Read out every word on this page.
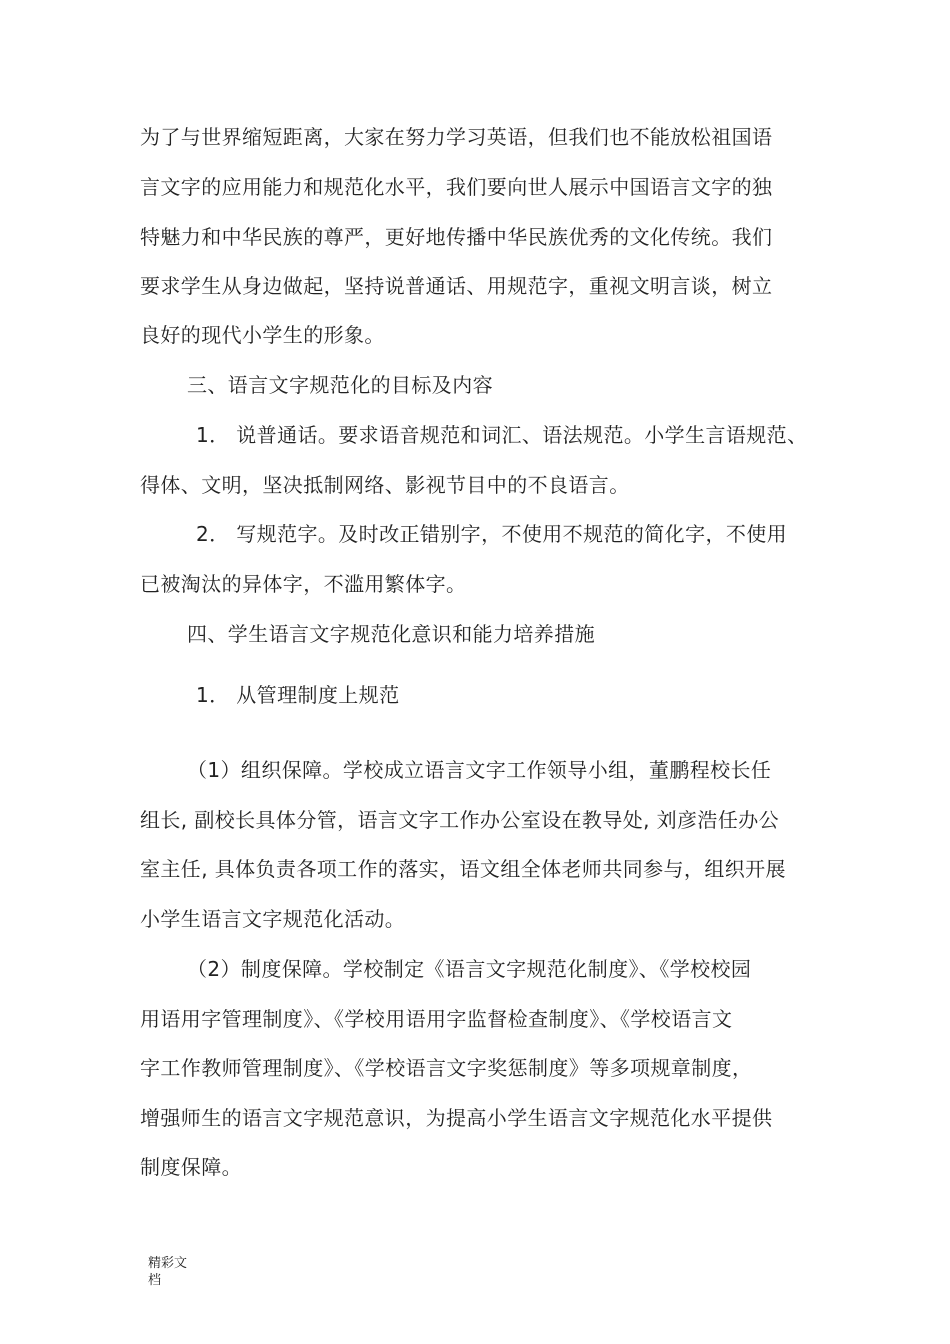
为了与世界缩短距离，大家在努力学习英语，但我们也不能放松祖国语
言文字的应用能力和规范化水平，我们要向世人展示中国语言文字的独
特魅力和中华民族的尊严，更好地传播中华民族优秀的文化传统。我们
要求学生从身边做起，坚持说普通话、用规范字，重视文明言谈，树立
良好的现代小学生的形象。
三、语言文字规范化的目标及内容
1． 说普通话。要求语音规范和词汇、语法规范。小学生言语规范、
得体、文明，坚决抵制网络、影视节目中的不良语言。
2． 写规范字。及时改正错别字，不使用不规范的简化字，不使用
已被淘汰的异体字，不滥用繁体字。
四、学生语言文字规范化意识和能力培养措施
1． 从管理制度上规范
（1）组织保障。学校成立语言文字工作领导小组，董鹏程校长任
组长, 副校长具体分管，语言文字工作办公室设在教导处, 刘彦浩任办公
室主任, 具体负责各项工作的落实，语文组全体老师共同参与，组织开展
小学生语言文字规范化活动。
（2）制度保障。学校制定《语言文字规范化制度》、《学校校园
用语用字管理制度》、《学校用语用字监督检查制度》、《学校语言文
字工作教师管理制度》、《学校语言文字奖惩制度》等多项规章制度，
增强师生的语言文字规范意识，为提高小学生语言文字规范化水平提供
制度保障。
精彩文档
